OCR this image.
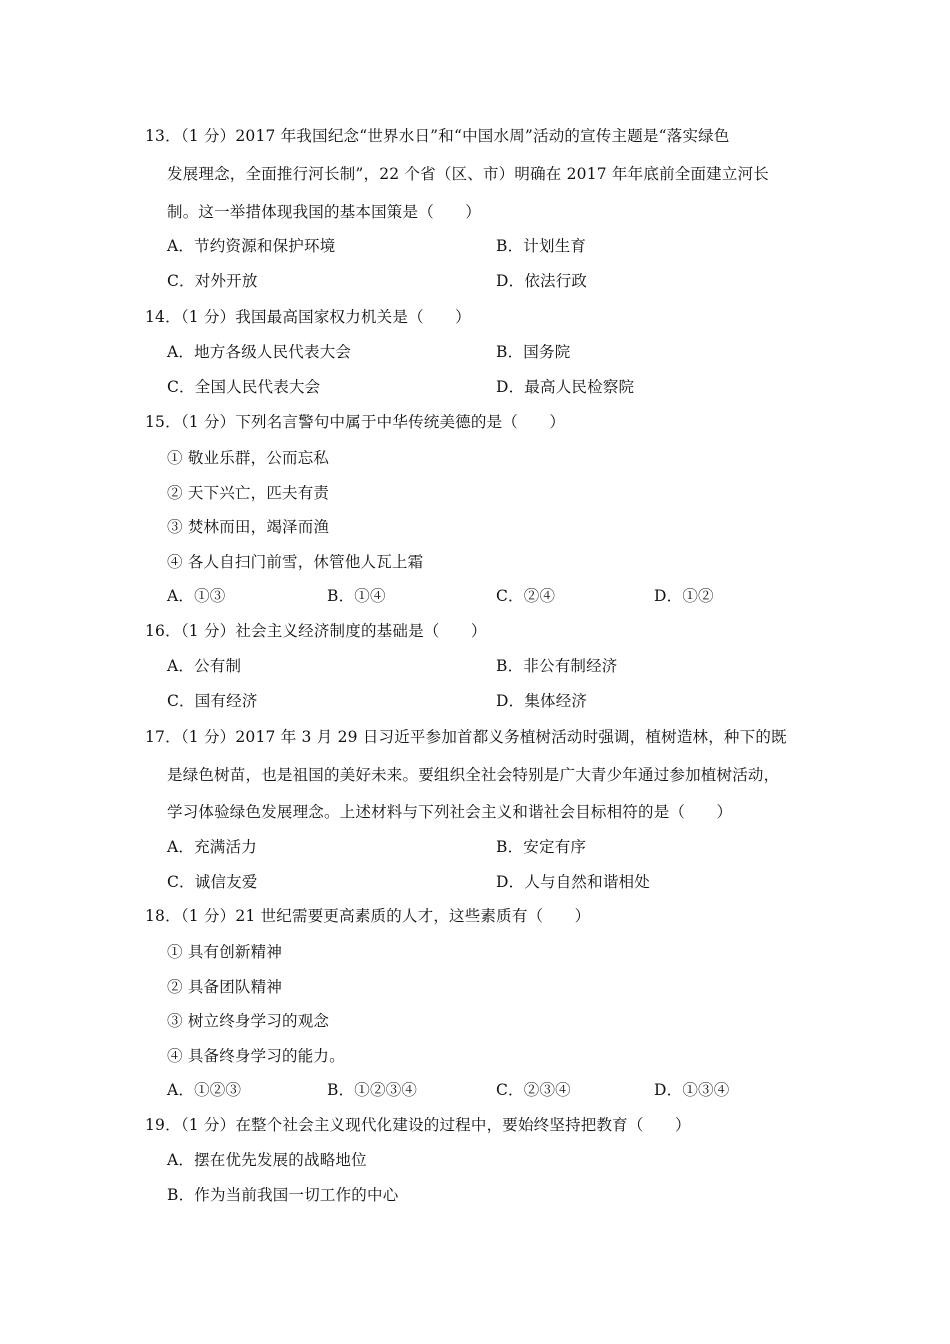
13．（1 分）2017 年我国纪念“世界水日”和“中国水周”活动的宣传主题是“落实绿色
发展理念，全面推行河长制”，22 个省（区、市）明确在 2017 年年底前全面建立河长
制。这一举措体现我国的基本国策是（　　）
A．节约资源和保护环境	B．计划生育
C．对外开放	D．依法行政
14．（1 分）我国最高国家权力机关是（　　）
A．地方各级人民代表大会	B．国务院
C．全国人民代表大会	D．最高人民检察院
15．（1 分）下列名言警句中属于中华传统美德的是（　　）
① 敬业乐群，公而忘私
② 天下兴亡，匹夫有责
③ 焚林而田，竭泽而渔
④ 各人自扫门前雪，休管他人瓦上霜
A．①③	B．①④	C．②④	D．①②
16．（1 分）社会主义经济制度的基础是（　　）
A．公有制	B．非公有制经济
C．国有经济	D．集体经济
17．（1 分）2017 年 3 月 29 日习近平参加首都义务植树活动时强调，植树造林，种下的既
是绿色树苗，也是祖国的美好未来。要组织全社会特别是广大青少年通过参加植树活动，
学习体验绿色发展理念。上述材料与下列社会主义和谐社会目标相符的是（　　）
A．充满活力	B．安定有序
C．诚信友爱	D．人与自然和谐相处
18．（1 分）21 世纪需要更高素质的人才，这些素质有（　　）
① 具有创新精神
② 具备团队精神
③ 树立终身学习的观念
④ 具备终身学习的能力。
A．①②③	B．①②③④	C．②③④	D．①③④
19．（1 分）在整个社会主义现代化建设的过程中，要始终坚持把教育（　　）
A．摆在优先发展的战略地位
B．作为当前我国一切工作的中心
